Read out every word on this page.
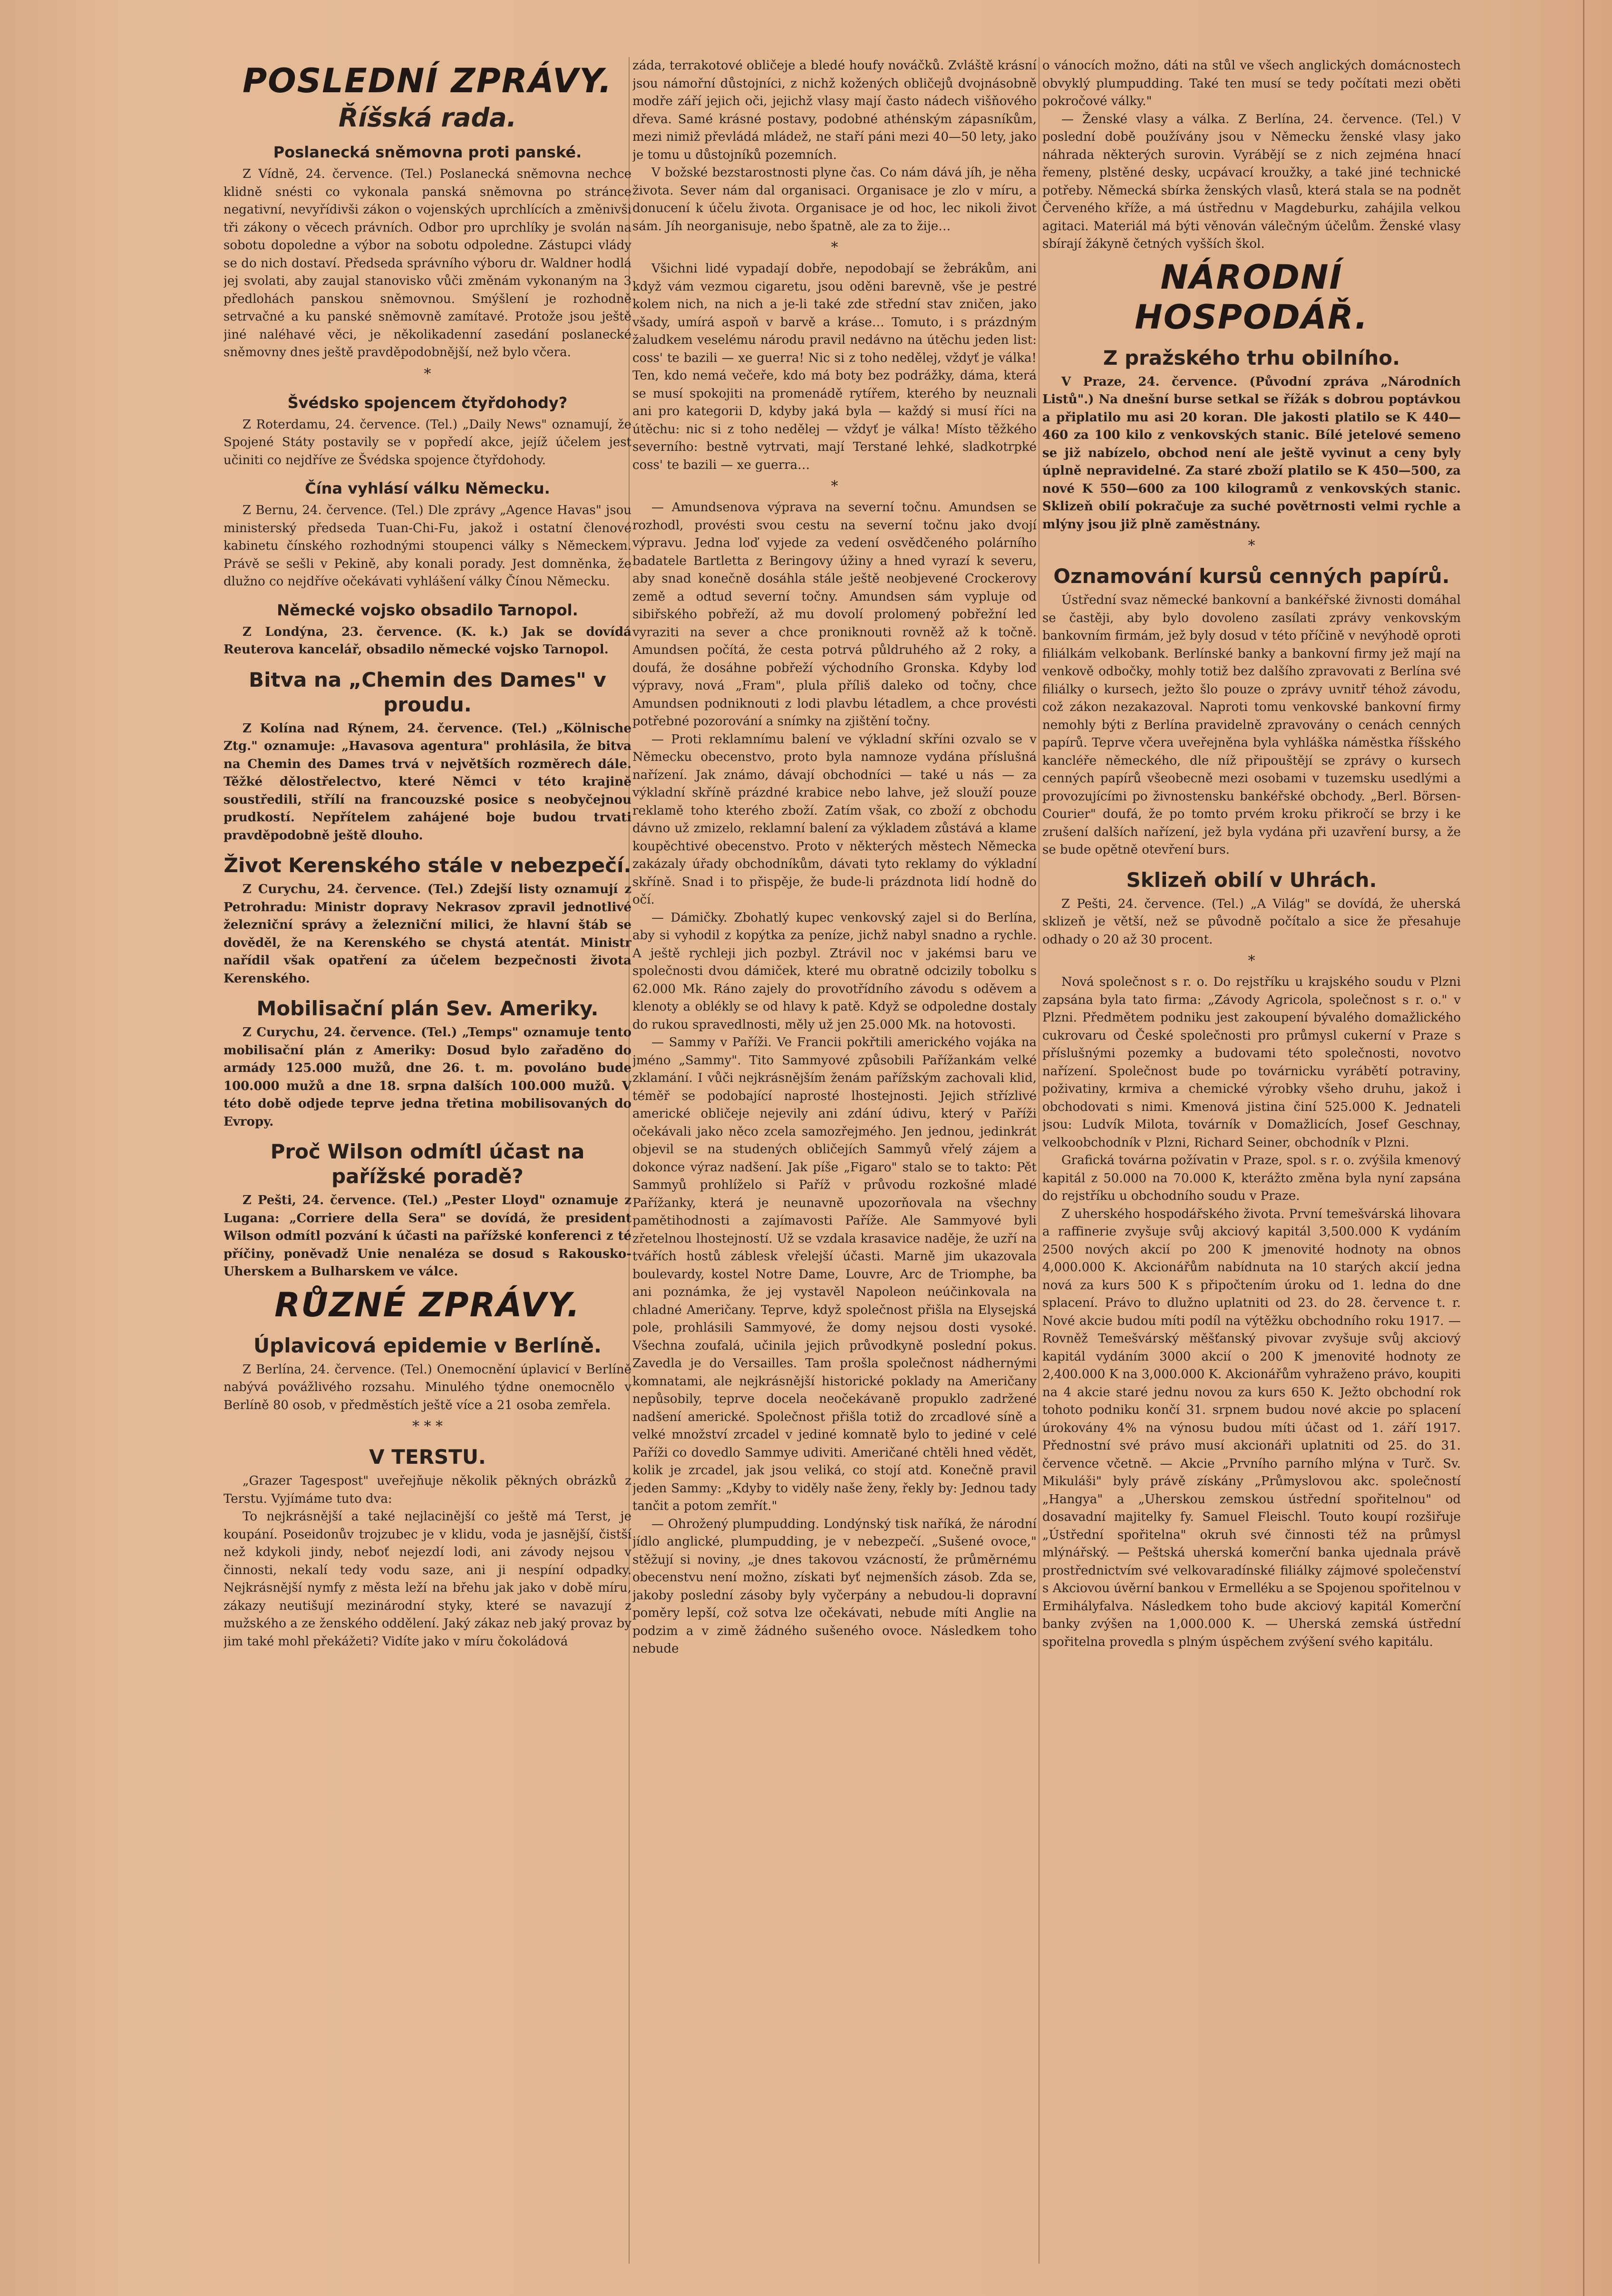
POSLEDNÍ ZPRÁVY.
Říšská rada.
Poslanecká sněmovna proti panské.

Z Vídně, 24. července. (Tel.) Poslanecká sněmovna nechce klidně snésti co vykonala panská sněmovna po stránce negativní, nevyřídivši zákon o vojenských uprchlících a změnivši tři zákony o věcech právních. Odbor pro uprchlíky je svolán na sobotu dopoledne a výbor na sobotu odpoledne. Zástupci vlády se do nich dostaví. Předseda správního výboru dr. Waldner hodlá jej svolati, aby zaujal stanovisko vůči změnám vykonaným na 3 předlohách panskou sněmovnou. Smýšlení je rozhodně setrvačné a ku panské sněmovně zamítavé. Protože jsou ještě jiné naléhavé věci, je několikadenní zasedání poslanecké sněmovny dnes ještě pravděpodobnější, než bylo včera.

*
Švédsko spojencem čtyřdohody?

Z Roterdamu, 24. července. (Tel.) „Daily News" oznamují, že Spojené Státy postavily se v popředí akce, jejíž účelem jest učiniti co nejdříve ze Švédska spojence čtyřdohody.

Čína vyhlásí válku Německu.

Z Bernu, 24. července. (Tel.) Dle zprávy „Agence Havas" jsou ministerský předseda Tuan-Chi-Fu, jakož i ostatní členové kabinetu čínského rozhodnými stoupenci války s Německem. Právě se sešli v Pekině, aby konali porady. Jest domněnka, že dlužno co nejdříve očekávati vyhlášení války Čínou Německu.

Německé vojsko obsadilo Tarnopol.

Z Londýna, 23. července. (K. k.) Jak se dovídá Reuterova kancelář, obsadilo německé vojsko Tarnopol.

Bitva na „Chemin des Dames" v proudu.

Z Kolína nad Rýnem, 24. července. (Tel.) „Kölnische Ztg." oznamuje: „Havasova agentura" prohlásila, že bitva na Chemin des Dames trvá v největších rozměrech dále. Těžké dělostřelectvo, které Němci v této krajině soustředili, střílí na francouzské posice s neobyčejnou prudkostí. Nepřítelem zahájené boje budou trvati pravděpodobně ještě dlouho.

Život Kerenského stále v nebezpečí.

Z Curychu, 24. července. (Tel.) Zdejší listy oznamují z Petrohradu: Ministr dopravy Nekrasov zpravil jednotlivé železniční správy a železniční milici, že hlavní štáb se dověděl, že na Kerenského se chystá atentát. Ministr nařídil však opatření za účelem bezpečnosti života Kerenského.

Mobilisační plán Sev. Ameriky.

Z Curychu, 24. července. (Tel.) „Temps" oznamuje tento mobilisační plán z Ameriky: Dosud bylo zařaděno do armády 125.000 mužů, dne 26. t. m. povoláno bude 100.000 mužů a dne 18. srpna dalších 100.000 mužů. V této době odjede teprve jedna třetina mobilisovaných do Evropy.

Proč Wilson odmítl účast na pařížské poradě?

Z Pešti, 24. července. (Tel.) „Pester Lloyd" oznamuje z Lugana: „Corriere della Sera" se dovídá, že president Wilson odmítl pozvání k účasti na pařížské konferenci z té příčiny, poněvadž Unie nenaléza se dosud s Rakousko-Uherskem a Bulharskem ve válce.

RŮZNÉ ZPRÁVY.
Úplavicová epidemie v Berlíně.

Z Berlína, 24. července. (Tel.) Onemocnění úplavicí v Berlíně nabývá povážlivého rozsahu. Minulého týdne onemocnělo v Berlíně 80 osob, v předměstích ještě více a 21 osoba zemřela.

* * *
V TERSTU.

„Grazer Tagespost" uveřejňuje několik pěkných obrázků z Terstu. Vyjímáme tuto dva:

To nejkrásnější a také nejlacinější co ještě má Terst, je koupání. Poseidonův trojzubec je v klidu, voda je jasnější, čistší než kdykoli jindy, neboť nejezdí lodi, ani závody nejsou v činnosti, nekalí tedy vodu saze, ani ji nespíní odpadky. Nejkrásnější nymfy z města leží na břehu jak jako v době míru, zákazy neutišují mezinárodní styky, které se navazují z mužského a ze ženského oddělení. Jaký zákaz neb jaký provaz by jim také mohl překážeti? Vidíte jako v míru čokoládová

záda, terrakotové obličeje a bledé houfy nováčků. Zvláště krásní jsou námořní důstojníci, z nichž kožených obličejů dvojnásobně modře září jejich oči, jejichž vlasy mají často nádech višňového dřeva. Samé krásné postavy, podobné athénským zápasníkům, mezi nimiž převládá mládež, ne staří páni mezi 40—50 lety, jako je tomu u důstojníků pozemních.

V božské bezstarostnosti plyne čas. Co nám dává jíh, je něha života. Sever nám dal organisaci. Organisace je zlo v míru, a donucení k účelu života. Organisace je od hoc, lec nikoli život sám. Jíh neorganisuje, nebo špatně, ale za to žije…

*

Všichni lidé vypadají dobře, nepodobají se žebrákům, ani když vám vezmou cigaretu, jsou oděni barevně, vše je pestré kolem nich, na nich a je-li také zde střední stav zničen, jako všady, umírá aspoň v barvě a kráse… Tomuto, i s prázdným žaludkem veselému národu pravil nedávno na útěchu jeden list: coss' te bazili — xe guerra! Nic si z toho nedělej, vždyť je válka! Ten, kdo nemá večeře, kdo má boty bez podrážky, dáma, která se musí spokojiti na promenádě rytířem, kterého by neuznali ani pro kategorii D, kdyby jaká byla — každý si musí říci na útěchu: nic si z toho nedělej — vždyť je válka! Místo těžkého severního: bestně vytrvati, mají Terstané lehké, sladkotrpké coss' te bazili — xe guerra…

*

— Amundsenova výprava na severní točnu. Amundsen se rozhodl, provésti svou cestu na severní točnu jako dvojí výpravu. Jedna loď vyjede za vedení osvědčeného polárního badatele Bartletta z Beringovy úžiny a hned vyrazí k severu, aby snad konečně dosáhla stále ještě neobjevené Crockerovy země a odtud severní točny. Amundsen sám vypluje od sibiřského pobřeží, až mu dovolí prolomený pobřežní led vyraziti na sever a chce proniknouti rovněž až k točně. Amundsen počítá, že cesta potrvá půldruhého až 2 roky, a doufá, že dosáhne pobřeží východního Gronska. Kdyby loď výpravy, nová „Fram", plula příliš daleko od točny, chce Amundsen podniknouti z lodi plavbu létadlem, a chce provésti potřebné pozorování a snímky na zjištění točny.

— Proti reklamnímu balení ve výkladní skříni ozvalo se v Německu obecenstvo, proto byla namnoze vydána příslušná nařízení. Jak známo, dávají obchodníci — také u nás — za výkladní skříně prázdné krabice nebo lahve, jež slouží pouze reklamě toho kterého zboží. Zatím však, co zboží z obchodu dávno už zmizelo, reklamní balení za výkladem zůstává a klame koupěchtivé obecenstvo. Proto v některých městech Německa zakázaly úřady obchodníkům, dávati tyto reklamy do výkladní skříně. Snad i to přispěje, že bude-li prázdnota lidí hodně do očí.

— Dámičky. Zbohatlý kupec venkovský zajel si do Berlína, aby si vyhodil z kopýtka za peníze, jichž nabyl snadno a rychle. A ještě rychleji jich pozbyl. Ztrávil noc v jakémsi baru ve společnosti dvou dámiček, které mu obratně odcizily tobolku s 62.000 Mk. Ráno zajely do provotřídního závodu s oděvem a klenoty a oblékly se od hlavy k patě. Když se odpoledne dostaly do rukou spravedlnosti, měly už jen 25.000 Mk. na hotovosti.

— Sammy v Paříži. Ve Francii pokřtili amerického vojáka na jméno „Sammy". Tito Sammyové způsobili Pařížankám velké zklamání. I vůči nejkrásnějším ženám pařížským zachovali klid, téměř se podobající naprosté lhostejnosti. Jejich střízlivé americké obličeje nejevily ani zdání údivu, který v Paříži očekávali jako něco zcela samozřejmého. Jen jednou, jedinkrát objevil se na studených obličejích Sammyů vřelý zájem a dokonce výraz nadšení. Jak píše „Figaro" stalo se to takto: Pět Sammyů prohlíželo si Paříž v průvodu rozkošné mladé Pařížanky, která je neunavně upozorňovala na všechny pamětihodnosti a zajímavosti Paříže. Ale Sammyové byli zřetelnou lhostejností. Už se vzdala krasavice naděje, že uzří na tvářích hostů záblesk vřelejší účasti. Marně jim ukazovala boulevardy, kostel Notre Dame, Louvre, Arc de Triomphe, ba ani poznámka, že jej vystavěl Napoleon neúčinkovala na chladné Američany. Teprve, když společnost přišla na Elysejská pole, prohlásili Sammyové, že domy nejsou dosti vysoké. Všechna zoufalá, učinila jejich průvodkyně poslední pokus. Zavedla je do Versailles. Tam prošla společnost nádhernými komnatami, ale nejkrásnější historické poklady na Američany nepůsobily, teprve docela neočekávaně propuklo zadržené nadšení americké. Společnost přišla totiž do zrcadlové síně a velké množství zrcadel v jediné komnatě bylo to jediné v celé Paříži co dovedlo Sammye udiviti. Američané chtěli hned vědět, kolik je zrcadel, jak jsou veliká, co stojí atd. Konečně pravil jeden Sammy: „Kdyby to viděly naše ženy, řekly by: Jednou tady tančit a potom zemřít."

— Ohrožený plumpudding. Londýnský tisk naříká, že národní jídlo anglické, plumpudding, je v nebezpečí. „Sušené ovoce," stěžují si noviny, „je dnes takovou vzácností, že průměrnému obecenstvu není možno, získati byť nejmenších zásob. Zda se, jakoby poslední zásoby byly vyčerpány a nebudou-li dopravní poměry lepší, což sotva lze očekávati, nebude míti Anglie na podzim a v zimě žádného sušeného ovoce. Následkem toho nebude

o vánocích možno, dáti na stůl ve všech anglických domácnostech obvyklý plumpudding. Také ten musí se tedy počítati mezi oběti pokročové války."

— Ženské vlasy a válka. Z Berlína, 24. července. (Tel.) V poslední době používány jsou v Německu ženské vlasy jako náhrada některých surovin. Vyrábějí se z nich zejména hnací řemeny, plstěné desky, ucpávací kroužky, a také jiné technické potřeby. Německá sbírka ženských vlasů, která stala se na podnět Červeného kříže, a má ústřednu v Magdeburku, zahájila velkou agitaci. Materiál má býti věnován válečným účelům. Ženské vlasy sbírají žákyně četných vyšších škol.

NÁRODNÍ HOSPODÁŘ.
Z pražského trhu obilního.

V Praze, 24. července. (Původní zpráva „Národních Listů".) Na dnešní burse setkal se řížák s dobrou poptávkou a připlatilo mu asi 20 koran. Dle jakosti platilo se K 440—460 za 100 kilo z venkovských stanic. Bílé jetelové semeno se již nabízelo, obchod není ale ještě vyvinut a ceny byly úplně nepravidelné. Za staré zboží platilo se K 450—500, za nové K 550—600 za 100 kilogramů z venkovských stanic. Sklizeň obilí pokračuje za suché povětrnosti velmi rychle a mlýny jsou již plně zaměstnány.

*
Oznamování kursů cenných papírů.

Ústřední svaz německé bankovní a bankéřské živnosti domáhal se častěji, aby bylo dovoleno zasílati zprávy venkovským bankovním firmám, jež byly dosud v této příčině v nevýhodě oproti filiálkám velkobank. Berlínské banky a bankovní firmy jež mají na venkově odbočky, mohly totiž bez dalšího zpravovati z Berlína své filiálky o kursech, ježto šlo pouze o zprávy uvnitř téhož závodu, což zákon nezakazoval. Naproti tomu venkovské bankovní firmy nemohly býti z Berlína pravidelně zpravovány o cenách cenných papírů. Teprve včera uveřejněna byla vyhláška náměstka říšského kancléře německého, dle níž připouštějí se zprávy o kursech cenných papírů všeobecně mezi osobami v tuzemsku usedlými a provozujícími po živnostensku bankéřské obchody. „Berl. Börsen-Courier" doufá, že po tomto prvém kroku přikročí se brzy i ke zrušení dalších nařízení, jež byla vydána při uzavření bursy, a že se bude opětně otevření burs.

Sklizeň obilí v Uhrách.

Z Pešti, 24. července. (Tel.) „A Világ" se dovídá, že uherská sklizeň je větší, než se původně počítalo a sice že přesahuje odhady o 20 až 30 procent.

*

Nová společnost s r. o. Do rejstříku u krajského soudu v Plzni zapsána byla tato firma: „Závody Agricola, společnost s r. o." v Plzni. Předmětem podniku jest zakoupení bývalého domažlického cukrovaru od České společnosti pro průmysl cukerní v Praze s příslušnými pozemky a budovami této společnosti, novotvo nařízení. Společnost bude po továrnicku vyrábětí potraviny, poživatiny, krmiva a chemické výrobky všeho druhu, jakož i obchodovati s nimi. Kmenová jistina činí 525.000 K. Jednateli jsou: Ludvík Milota, továrník v Domažlicích, Josef Geschnay, velkoobchodník v Plzni, Richard Seiner, obchodník v Plzni.

Grafická továrna požívatin v Praze, spol. s r. o. zvýšila kmenový kapitál z 50.000 na 70.000 K, kterážto změna byla nyní zapsána do rejstříku u obchodního soudu v Praze.

Z uherského hospodářského života. První temešvárská lihovara a raffinerie zvyšuje svůj akciový kapitál 3,500.000 K vydáním 2500 nových akcií po 200 K jmenovité hodnoty na obnos 4,000.000 K. Akcionářům nabídnuta na 10 starých akcií jedna nová za kurs 500 K s připočtením úroku od 1. ledna do dne splacení. Právo to dlužno uplatniti od 23. do 28. července t. r. Nové akcie budou míti podíl na výtěžku obchodního roku 1917. — Rovněž Temešvárský měšťanský pivovar zvyšuje svůj akciový kapitál vydáním 3000 akcií o 200 K jmenovité hodnoty ze 2,400.000 K na 3,000.000 K. Akcionářům vyhraženo právo, koupiti na 4 akcie staré jednu novou za kurs 650 K. Ježto obchodní rok tohoto podniku končí 31. srpnem budou nové akcie po splacení úrokovány 4% na výnosu budou míti účast od 1. září 1917. Přednostní své právo musí akcionáři uplatniti od 25. do 31. července včetně. — Akcie „Prvního parního mlýna v Turč. Sv. Mikuláši" byly právě získány „Průmyslovou akc. společností „Hangya" a „Uherskou zemskou ústřední spořitelnou" od dosavadní majitelky fy. Samuel Fleischl. Touto koupí rozšiřuje „Ústřední spořitelna" okruh své činnosti též na průmysl mlýnářský. — Peštská uherská komerční banka ujednala právě prostřednictvím své velkovaradínské filiálky zájmové společenství s Akciovou úvěrní bankou v Ermelléku a se Spojenou spořitelnou v Ermihályfalva. Následkem toho bude akciový kapitál Komerční banky zvýšen na 1,000.000 K. — Uherská zemská ústřední spořitelna provedla s plným úspěchem zvýšení svého kapitálu.
